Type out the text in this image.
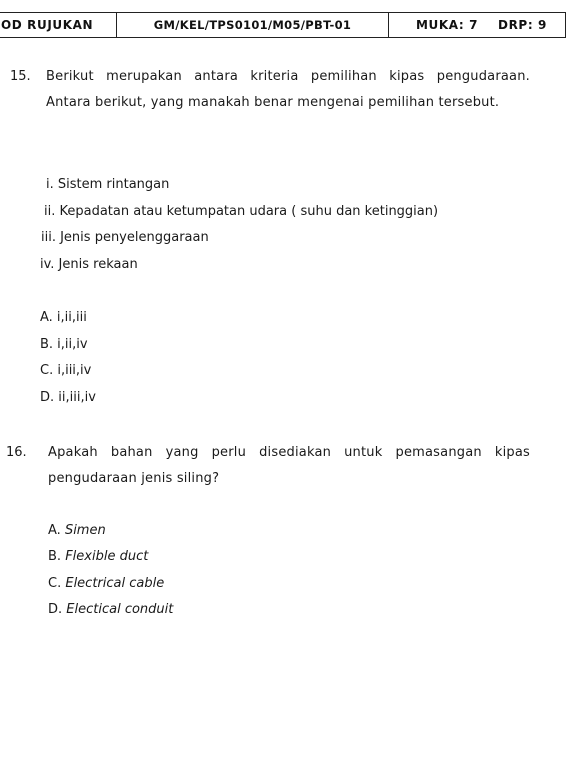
OD RUJUKAN	GM/KEL/TPS0101/M05/PBT-01	MUKA: 7 DRP: 9
15. Berikut merupakan antara kriteria pemilihan kipas pengudaraan. Antara berikut, yang manakah benar mengenai pemilihan tersebut.
i. Sistem rintangan
ii. Kepadatan atau ketumpatan udara ( suhu dan ketinggian)
iii. Jenis penyelenggaraan
iv. Jenis rekaan
A. i,ii,iii
B. i,ii,iv
C. i,iii,iv
D. ii,iii,iv
16. Apakah bahan yang perlu disediakan untuk pemasangan kipas pengudaraan jenis siling?
A. Simen
B. Flexible duct
C. Electrical cable
D. Electical conduit
